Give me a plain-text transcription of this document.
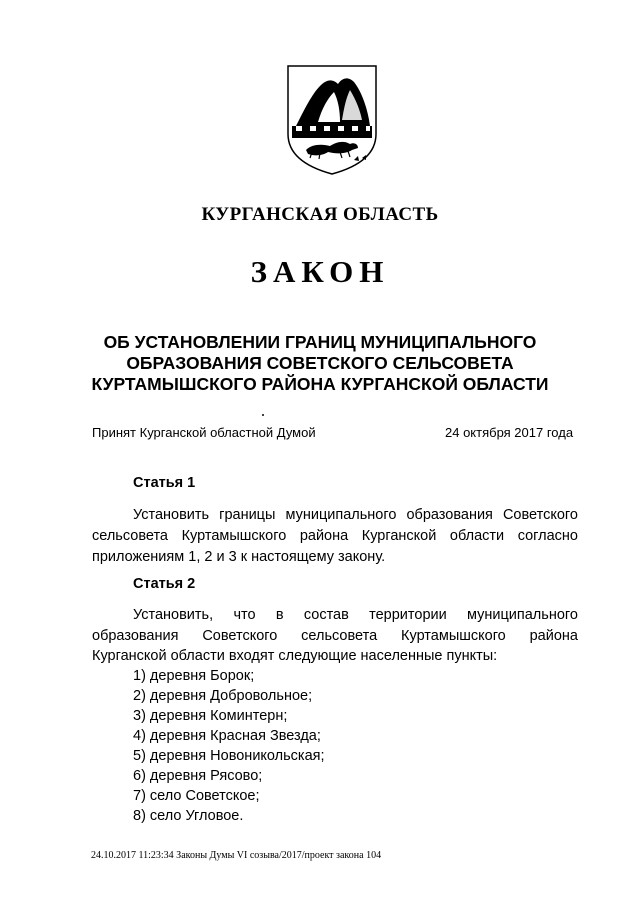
КУРГАНСКАЯ ОБЛАСТЬ
ЗАКОН
ОБ УСТАНОВЛЕНИИ ГРАНИЦ МУНИЦИПАЛЬНОГО
ОБРАЗОВАНИЯ СОВЕТСКОГО СЕЛЬСОВЕТА
КУРТАМЫШСКОГО РАЙОНА КУРГАНСКОЙ ОБЛАСТИ
Принят Курганской областной Думой	24 октября 2017 года
Статья 1
Установить границы муниципального образования Советского
сельсовета Куртамышского района Курганской области согласно
приложениям 1, 2 и 3 к настоящему закону.
Статья 2
Установить, что в состав территории муниципального
образования Советского сельсовета Куртамышского района
Курганской области входят следующие населенные пункты:
1) деревня Борок;
2) деревня Добровольное;
3) деревня Коминтерн;
4) деревня Красная Звезда;
5) деревня Новоникольская;
6) деревня Рясово;
7) село Советское;
8) село Угловое.
24.10.2017 11:23:34 Законы Думы VI созыва/2017/проект закона 104
